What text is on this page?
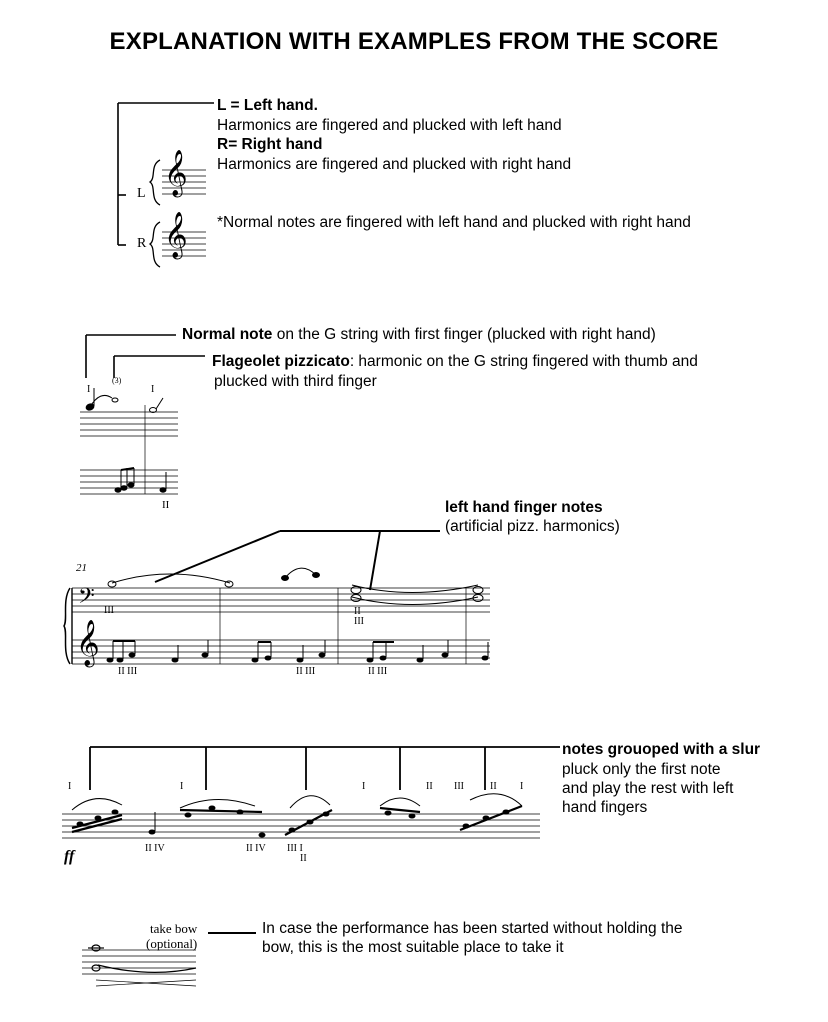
EXPLANATION WITH EXAMPLES FROM THE SCORE
L = Left hand.
Harmonics are fingered and plucked with left hand
R= Right hand
Harmonics are fingered and plucked with right hand
*Normal notes are fingered with left hand and plucked with right hand
L
R
𝄞
𝄞
Normal note on the G string with first finger (plucked with right hand)
Flageolet pizzicato: harmonic on the G string fingered with thumb and
plucked with third finger
(3)
I	I
II	left hand finger notes
(artificial pizz. harmonics)
21
III
II III	II III	II III
II
III
𝄢
𝄞
notes grouoped with a slur
pluck only the first note
and play the rest with left
hand fingers
ff	II IV	II IV III I
II
I	I	I	II III	II I
take bow
(optional)
In case the performance has been started without holding the
bow, this is the most suitable place to take it
